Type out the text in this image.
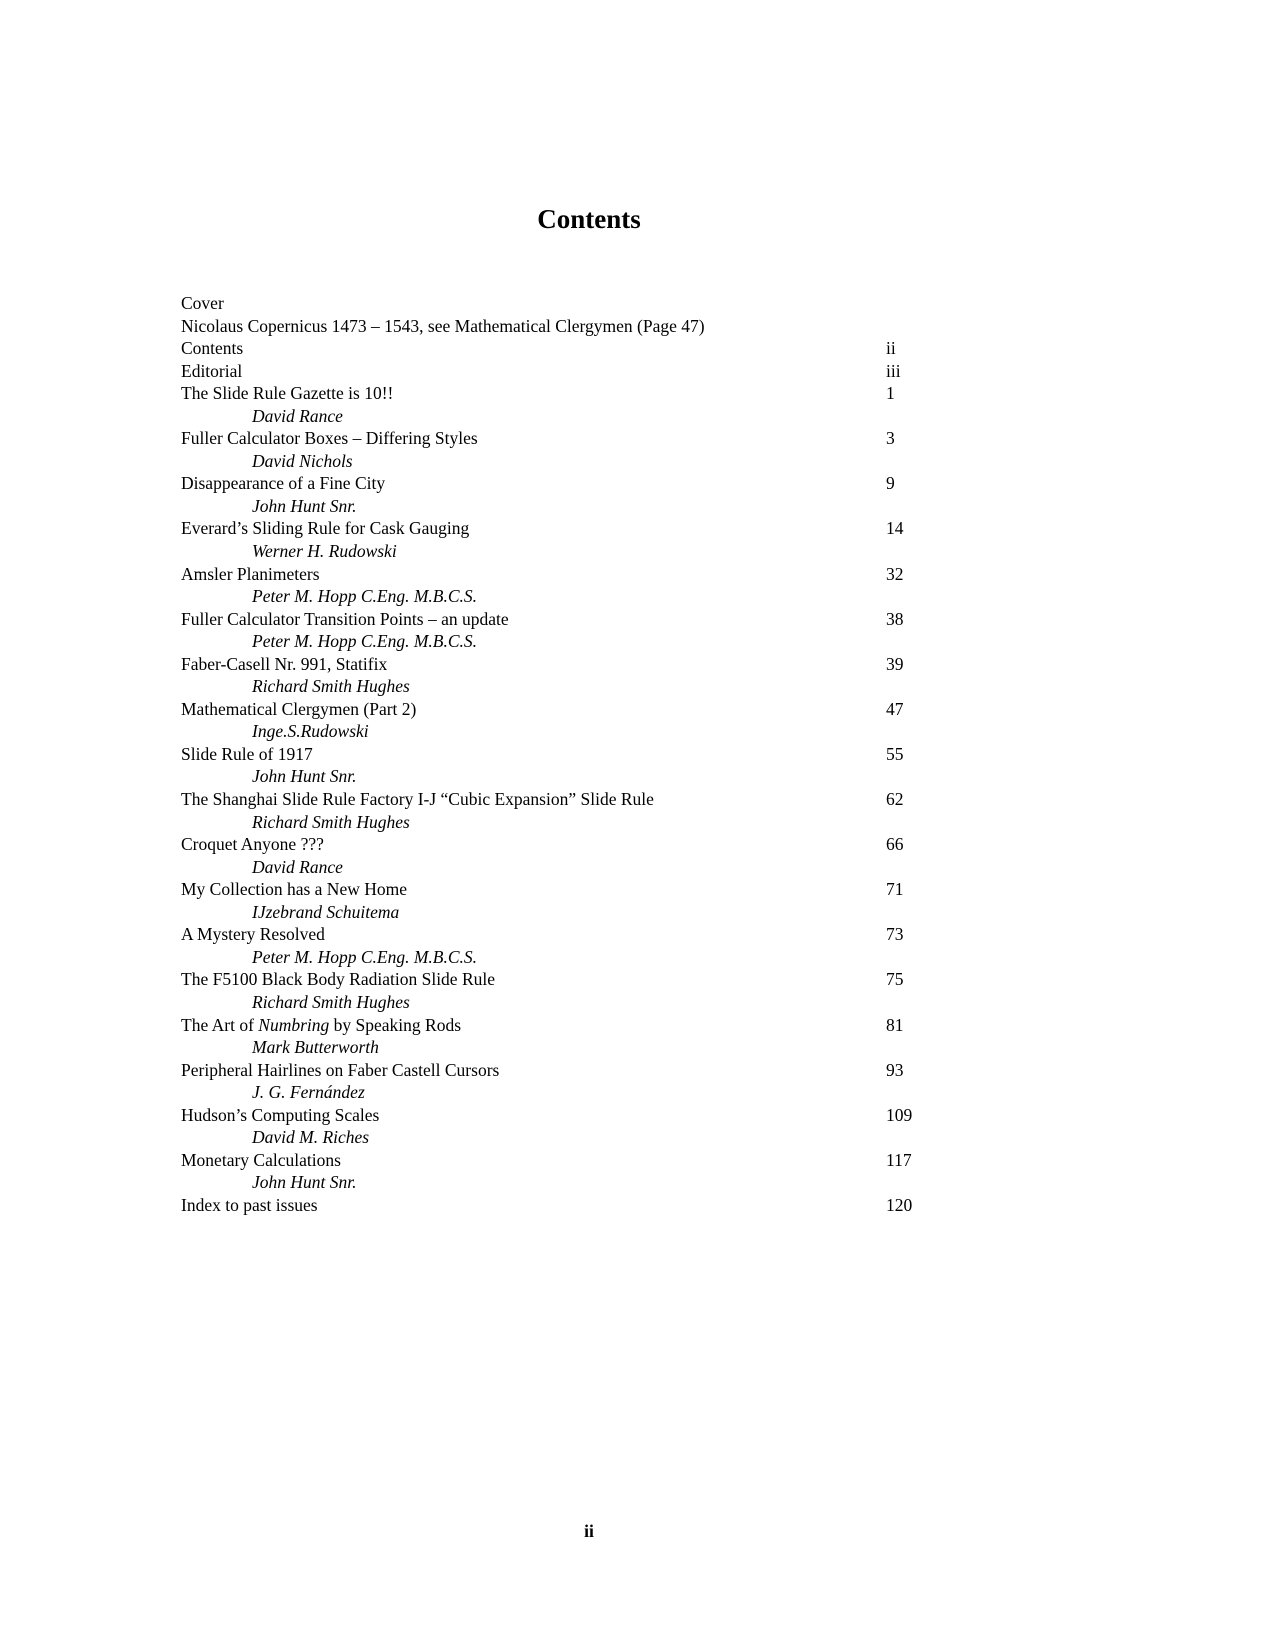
Contents
Cover
Nicolaus Copernicus 1473 – 1543, see Mathematical Clergymen (Page 47)
Contents	ii
Editorial	iii
The Slide Rule Gazette is 10!!	1
David Rance
Fuller Calculator Boxes – Differing Styles	3
David Nichols
Disappearance of a Fine City	9
John Hunt Snr.
Everard’s Sliding Rule for Cask Gauging	14
Werner H. Rudowski
Amsler Planimeters	32
Peter M. Hopp C.Eng. M.B.C.S.
Fuller Calculator Transition Points – an update	38
Peter M. Hopp C.Eng. M.B.C.S.
Faber-Casell Nr. 991, Statifix	39
Richard Smith Hughes
Mathematical Clergymen (Part 2)	47
Inge.S.Rudowski
Slide Rule of 1917	55
John Hunt Snr.
The Shanghai Slide Rule Factory I-J “Cubic Expansion” Slide Rule	62
Richard Smith Hughes
Croquet Anyone ???	66
David Rance
My Collection has a New Home	71
IJzebrand Schuitema
A Mystery Resolved	73
Peter M. Hopp C.Eng. M.B.C.S.
The F5100 Black Body Radiation Slide Rule	75
Richard Smith Hughes
The Art of Numbring by Speaking Rods	81
Mark Butterworth
Peripheral Hairlines on Faber Castell Cursors	93
J. G. Fernández
Hudson’s Computing Scales	109
David M. Riches
Monetary Calculations	117
John Hunt Snr.
Index to past issues	120
ii
